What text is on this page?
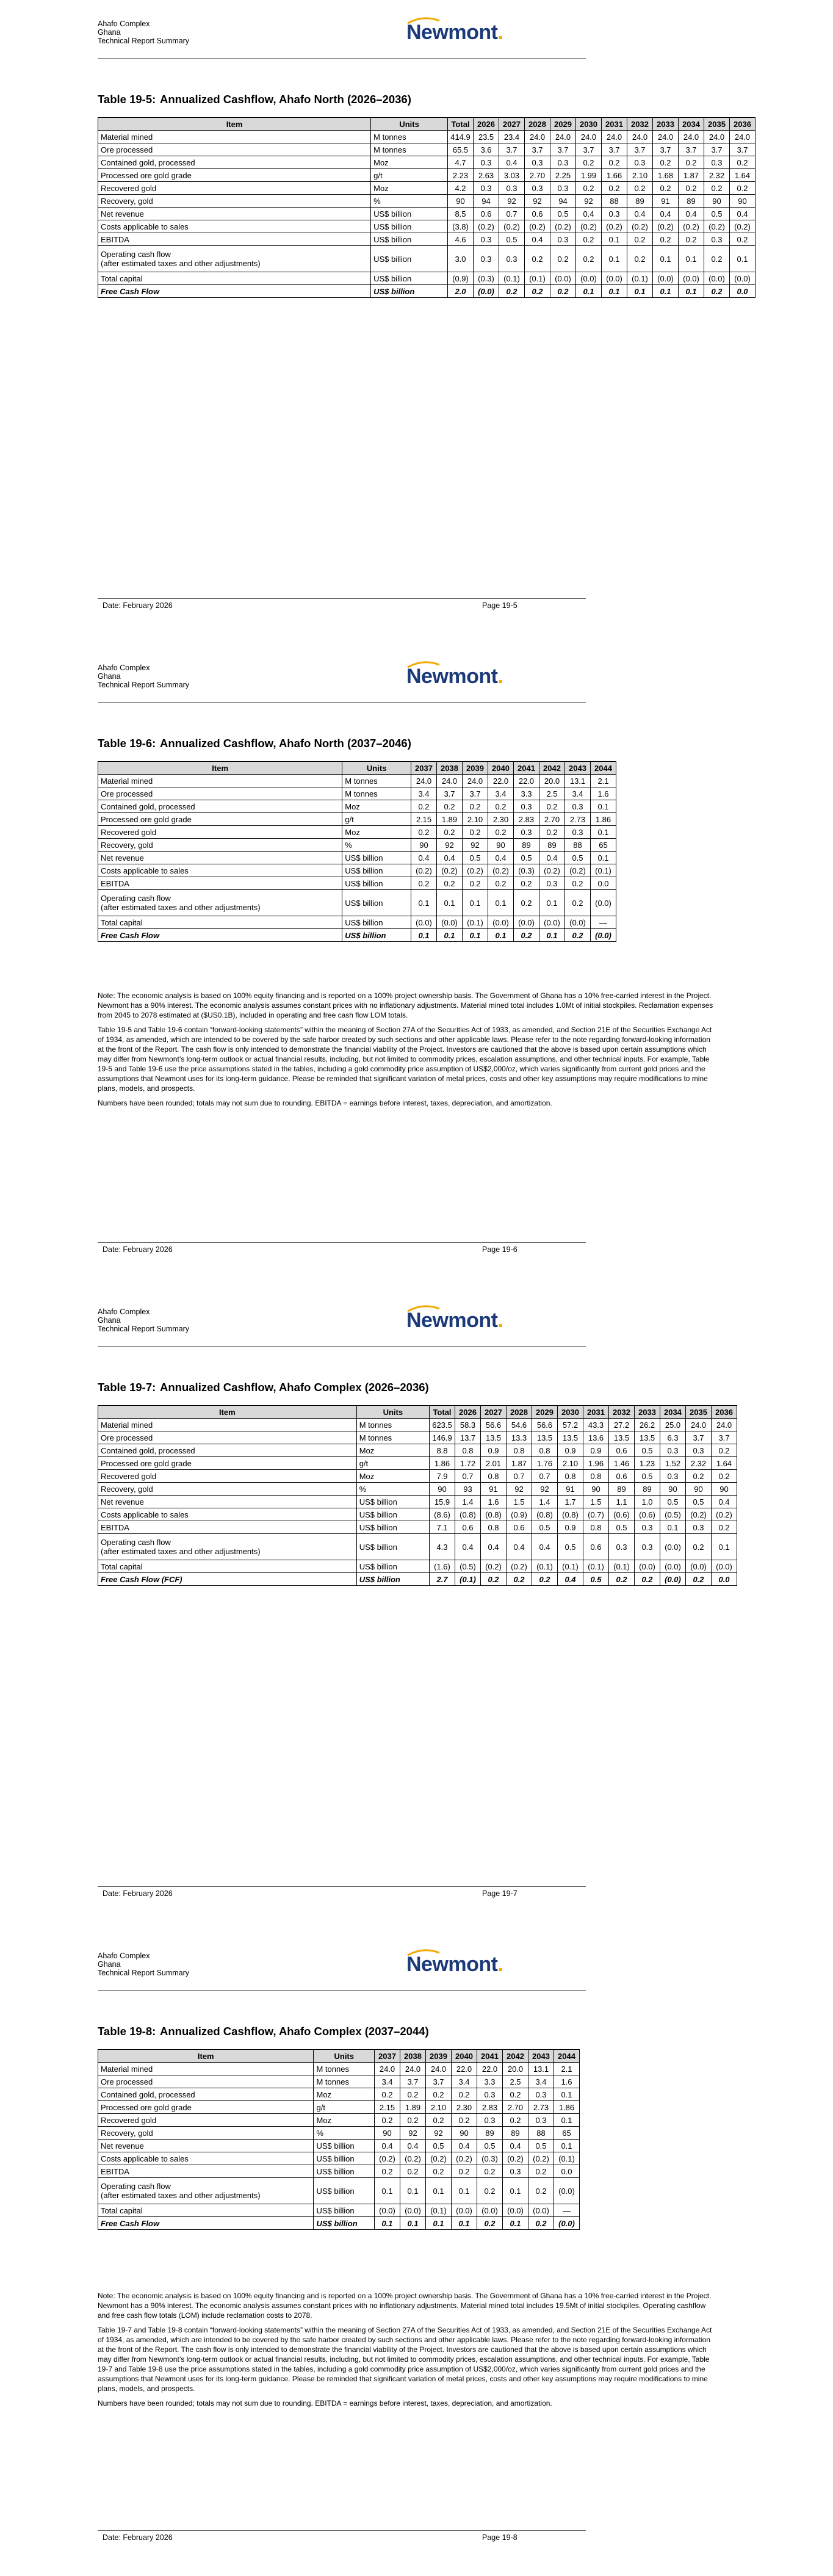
Ahafo Complex
Ghana
Technical Report Summary	Newmont.
Table 19-5: Annualized Cashflow, Ahafo North (2026–2036)
Item	Units	Total	2026	2027	2028	2029	2030	2031	2032	2033	2034	2035	2036
Material mined	M tonnes	414.9	23.5	23.4	24.0	24.0	24.0	24.0	24.0	24.0	24.0	24.0	24.0
Ore processed	M tonnes	65.5	3.6	3.7	3.7	3.7	3.7	3.7	3.7	3.7	3.7	3.7	3.7
Contained gold, processed	Moz	4.7	0.3	0.4	0.3	0.3	0.2	0.2	0.3	0.2	0.2	0.3	0.2
Processed ore gold grade	g/t	2.23	2.63	3.03	2.70	2.25	1.99	1.66	2.10	1.68	1.87	2.32	1.64
Recovered gold	Moz	4.2	0.3	0.3	0.3	0.3	0.2	0.2	0.2	0.2	0.2	0.2	0.2
Recovery, gold	%	90	94	92	92	94	92	88	89	91	89	90	90
Net revenue	US$ billion	8.5	0.6	0.7	0.6	0.5	0.4	0.3	0.4	0.4	0.4	0.5	0.4
Costs applicable to sales	US$ billion	(3.8)	(0.2)	(0.2)	(0.2)	(0.2)	(0.2)	(0.2)	(0.2)	(0.2)	(0.2)	(0.2)	(0.2)
EBITDA	US$ billion	4.6	0.3	0.5	0.4	0.3	0.2	0.1	0.2	0.2	0.2	0.3	0.2
Operating cash flow
(after estimated taxes and other adjustments)	US$ billion	3.0	0.3	0.3	0.2	0.2	0.2	0.1	0.2	0.1	0.1	0.2	0.1
Total capital	US$ billion	(0.9)	(0.3)	(0.1)	(0.1)	(0.0)	(0.0)	(0.0)	(0.1)	(0.0)	(0.0)	(0.0)	(0.0)
Free Cash Flow	US$ billion	2.0	(0.0)	0.2	0.2	0.2	0.1	0.1	0.1	0.1	0.1	0.2	0.0
Date: February 2026	Page 19-5
Ahafo Complex
Ghana
Technical Report Summary	Newmont.
Table 19-6: Annualized Cashflow, Ahafo North (2037–2046)
Item	Units	2037	2038	2039	2040	2041	2042	2043	2044
Material mined	M tonnes	24.0	24.0	24.0	22.0	22.0	20.0	13.1	2.1
Ore processed	M tonnes	3.4	3.7	3.7	3.4	3.3	2.5	3.4	1.6
Contained gold, processed	Moz	0.2	0.2	0.2	0.2	0.3	0.2	0.3	0.1
Processed ore gold grade	g/t	2.15	1.89	2.10	2.30	2.83	2.70	2.73	1.86
Recovered gold	Moz	0.2	0.2	0.2	0.2	0.3	0.2	0.3	0.1
Recovery, gold	%	90	92	92	90	89	89	88	65
Net revenue	US$ billion	0.4	0.4	0.5	0.4	0.5	0.4	0.5	0.1
Costs applicable to sales	US$ billion	(0.2)	(0.2)	(0.2)	(0.2)	(0.3)	(0.2)	(0.2)	(0.1)
EBITDA	US$ billion	0.2	0.2	0.2	0.2	0.2	0.3	0.2	0.0
Operating cash flow
(after estimated taxes and other adjustments)	US$ billion	0.1	0.1	0.1	0.1	0.2	0.1	0.2	(0.0)
Total capital	US$ billion	(0.0)	(0.0)	(0.1)	(0.0)	(0.0)	(0.0)	(0.0)	—
Free Cash Flow	US$ billion	0.1	0.1	0.1	0.1	0.2	0.1	0.2	(0.0)

Note: The economic analysis is based on 100% equity financing and is reported on a 100% project ownership basis. The Government of Ghana has a 10% free-carried interest in the Project. Newmont has a 90% interest. The economic analysis assumes constant prices with no inflationary adjustments. Material mined total includes 1.0Mt of initial stockpiles. Reclamation expenses from 2045 to 2078 estimated at ($US0.1B), included in operating and free cash flow LOM totals.

Table 19-5 and Table 19-6 contain “forward-looking statements” within the meaning of Section 27A of the Securities Act of 1933, as amended, and Section 21E of the Securities Exchange Act of 1934, as amended, which are intended to be covered by the safe harbor created by such sections and other applicable laws. Please refer to the note regarding forward-looking information at the front of the Report. The cash flow is only intended to demonstrate the financial viability of the Project. Investors are cautioned that the above is based upon certain assumptions which may differ from Newmont’s long-term outlook or actual financial results, including, but not limited to commodity prices, escalation assumptions, and other technical inputs. For example, Table 19-5 and Table 19-6 use the price assumptions stated in the tables, including a gold commodity price assumption of US$2,000/oz, which varies significantly from current gold prices and the assumptions that Newmont uses for its long-term guidance. Please be reminded that significant variation of metal prices, costs and other key assumptions may require modifications to mine plans, models, and prospects.

Numbers have been rounded; totals may not sum due to rounding. EBITDA = earnings before interest, taxes, depreciation, and amortization.

Date: February 2026	Page 19-6
Ahafo Complex
Ghana
Technical Report Summary	Newmont.
Table 19-7: Annualized Cashflow, Ahafo Complex (2026–2036)
Item	Units	Total	2026	2027	2028	2029	2030	2031	2032	2033	2034	2035	2036
Material mined	M tonnes	623.5	58.3	56.6	54.6	56.6	57.2	43.3	27.2	26.2	25.0	24.0	24.0
Ore processed	M tonnes	146.9	13.7	13.5	13.3	13.5	13.5	13.6	13.5	13.5	6.3	3.7	3.7
Contained gold, processed	Moz	8.8	0.8	0.9	0.8	0.8	0.9	0.9	0.6	0.5	0.3	0.3	0.2
Processed ore gold grade	g/t	1.86	1.72	2.01	1.87	1.76	2.10	1.96	1.46	1.23	1.52	2.32	1.64
Recovered gold	Moz	7.9	0.7	0.8	0.7	0.7	0.8	0.8	0.6	0.5	0.3	0.2	0.2
Recovery, gold	%	90	93	91	92	92	91	90	89	89	90	90	90
Net revenue	US$ billion	15.9	1.4	1.6	1.5	1.4	1.7	1.5	1.1	1.0	0.5	0.5	0.4
Costs applicable to sales	US$ billion	(8.6)	(0.8)	(0.8)	(0.9)	(0.8)	(0.8)	(0.7)	(0.6)	(0.6)	(0.5)	(0.2)	(0.2)
EBITDA	US$ billion	7.1	0.6	0.8	0.6	0.5	0.9	0.8	0.5	0.3	0.1	0.3	0.2
Operating cash flow
(after estimated taxes and other adjustments)	US$ billion	4.3	0.4	0.4	0.4	0.4	0.5	0.6	0.3	0.3	(0.0)	0.2	0.1
Total capital	US$ billion	(1.6)	(0.5)	(0.2)	(0.2)	(0.1)	(0.1)	(0.1)	(0.1)	(0.0)	(0.0)	(0.0)	(0.0)
Free Cash Flow (FCF)	US$ billion	2.7	(0.1)	0.2	0.2	0.2	0.4	0.5	0.2	0.2	(0.0)	0.2	0.0
Date: February 2026	Page 19-7
Ahafo Complex
Ghana
Technical Report Summary	Newmont.
Table 19-8: Annualized Cashflow, Ahafo Complex (2037–2044)
Item	Units	2037	2038	2039	2040	2041	2042	2043	2044
Material mined	M tonnes	24.0	24.0	24.0	22.0	22.0	20.0	13.1	2.1
Ore processed	M tonnes	3.4	3.7	3.7	3.4	3.3	2.5	3.4	1.6
Contained gold, processed	Moz	0.2	0.2	0.2	0.2	0.3	0.2	0.3	0.1
Processed ore gold grade	g/t	2.15	1.89	2.10	2.30	2.83	2.70	2.73	1.86
Recovered gold	Moz	0.2	0.2	0.2	0.2	0.3	0.2	0.3	0.1
Recovery, gold	%	90	92	92	90	89	89	88	65
Net revenue	US$ billion	0.4	0.4	0.5	0.4	0.5	0.4	0.5	0.1
Costs applicable to sales	US$ billion	(0.2)	(0.2)	(0.2)	(0.2)	(0.3)	(0.2)	(0.2)	(0.1)
EBITDA	US$ billion	0.2	0.2	0.2	0.2	0.2	0.3	0.2	0.0
Operating cash flow
(after estimated taxes and other adjustments)	US$ billion	0.1	0.1	0.1	0.1	0.2	0.1	0.2	(0.0)
Total capital	US$ billion	(0.0)	(0.0)	(0.1)	(0.0)	(0.0)	(0.0)	(0.0)	—
Free Cash Flow	US$ billion	0.1	0.1	0.1	0.1	0.2	0.1	0.2	(0.0)

Note: The economic analysis is based on 100% equity financing and is reported on a 100% project ownership basis. The Government of Ghana has a 10% free-carried interest in the Project. Newmont has a 90% interest. The economic analysis assumes constant prices with no inflationary adjustments. Material mined total includes 19.5Mt of initial stockpiles. Operating cashflow and free cash flow totals (LOM) include reclamation costs to 2078.

Table 19-7 and Table 19-8 contain “forward-looking statements” within the meaning of Section 27A of the Securities Act of 1933, as amended, and Section 21E of the Securities Exchange Act of 1934, as amended, which are intended to be covered by the safe harbor created by such sections and other applicable laws. Please refer to the note regarding forward-looking information at the front of the Report. The cash flow is only intended to demonstrate the financial viability of the Project. Investors are cautioned that the above is based upon certain assumptions which may differ from Newmont’s long-term outlook or actual financial results, including, but not limited to commodity prices, escalation assumptions, and other technical inputs. For example, Table 19-7 and Table 19-8 use the price assumptions stated in the tables, including a gold commodity price assumption of US$2,000/oz, which varies significantly from current gold prices and the assumptions that Newmont uses for its long-term guidance. Please be reminded that significant variation of metal prices, costs and other key assumptions may require modifications to mine plans, models, and prospects.

Numbers have been rounded; totals may not sum due to rounding. EBITDA = earnings before interest, taxes, depreciation, and amortization.

Date: February 2026	Page 19-8
